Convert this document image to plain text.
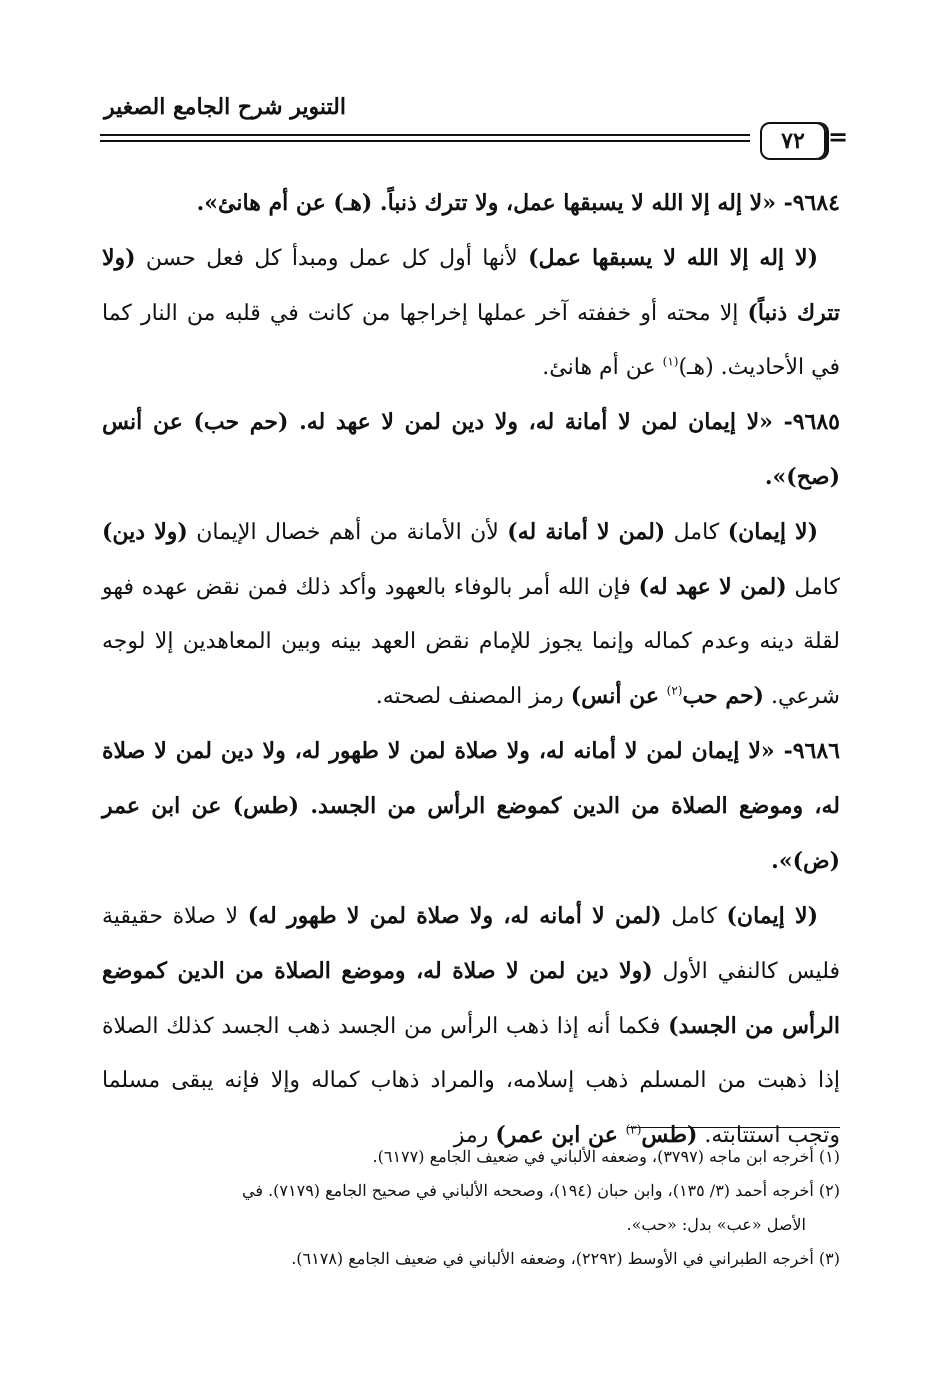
التنوير شرح الجامع الصغير
٧٢ =

٩٦٨٤- «لا إله إلا الله لا يسبقها عمل، ولا تترك ذنباً. (هـ) عن أم هانئ».

(لا إله إلا الله لا يسبقها عمل) لأنها أول كل عمل ومبدأ كل فعل حسن (ولا تترك ذنباً) إلا محته أو خففته آخر عملها إخراجها من كانت في قلبه من النار كما في الأحاديث. (هـ)$^{(١)}$ عن أم هانئ.

٩٦٨٥- «لا إيمان لمن لا أمانة له، ولا دين لمن لا عهد له. (حم حب) عن أنس (صح)».

(لا إيمان) كامل (لمن لا أمانة له) لأن الأمانة من أهم خصال الإيمان (ولا دين) كامل (لمن لا عهد له) فإن الله أمر بالوفاء بالعهود وأكد ذلك فمن نقض عهده فهو لقلة دينه وعدم كماله وإنما يجوز للإمام نقض العهد بينه وبين المعاهدين إلا لوجه شرعي. (حم حب$^{(٢)}$ عن أنس) رمز المصنف لصحته.

٩٦٨٦- «لا إيمان لمن لا أمانه له، ولا صلاة لمن لا طهور له، ولا دين لمن لا صلاة له، وموضع الصلاة من الدين كموضع الرأس من الجسد. (طس) عن ابن عمر (ض)».

(لا إيمان) كامل (لمن لا أمانه له، ولا صلاة لمن لا طهور له) لا صلاة حقيقية فليس كالنفي الأول (ولا دين لمن لا صلاة له، وموضع الصلاة من الدين كموضع الرأس من الجسد) فكما أنه إذا ذهب الرأس من الجسد ذهب الجسد كذلك الصلاة إذا ذهبت من المسلم ذهب إسلامه، والمراد ذهاب كماله وإلا فإنه يبقى مسلما وتجب استتابته. (طس$^{(٣)}$ عن ابن عمر) رمز

(١) أخرجه ابن ماجه (٣٧٩٧)، وضعفه الألباني في ضعيف الجامع (٦١٧٧).

(٢) أخرجه أحمد (٣/ ١٣٥)، وابن حبان (١٩٤)، وصححه الألباني في صحيح الجامع (٧١٧٩). في

الأصل «عب» بدل: «حب».

(٣) أخرجه الطبراني في الأوسط (٢٢٩٢)، وضعفه الألباني في ضعيف الجامع (٦١٧٨).
